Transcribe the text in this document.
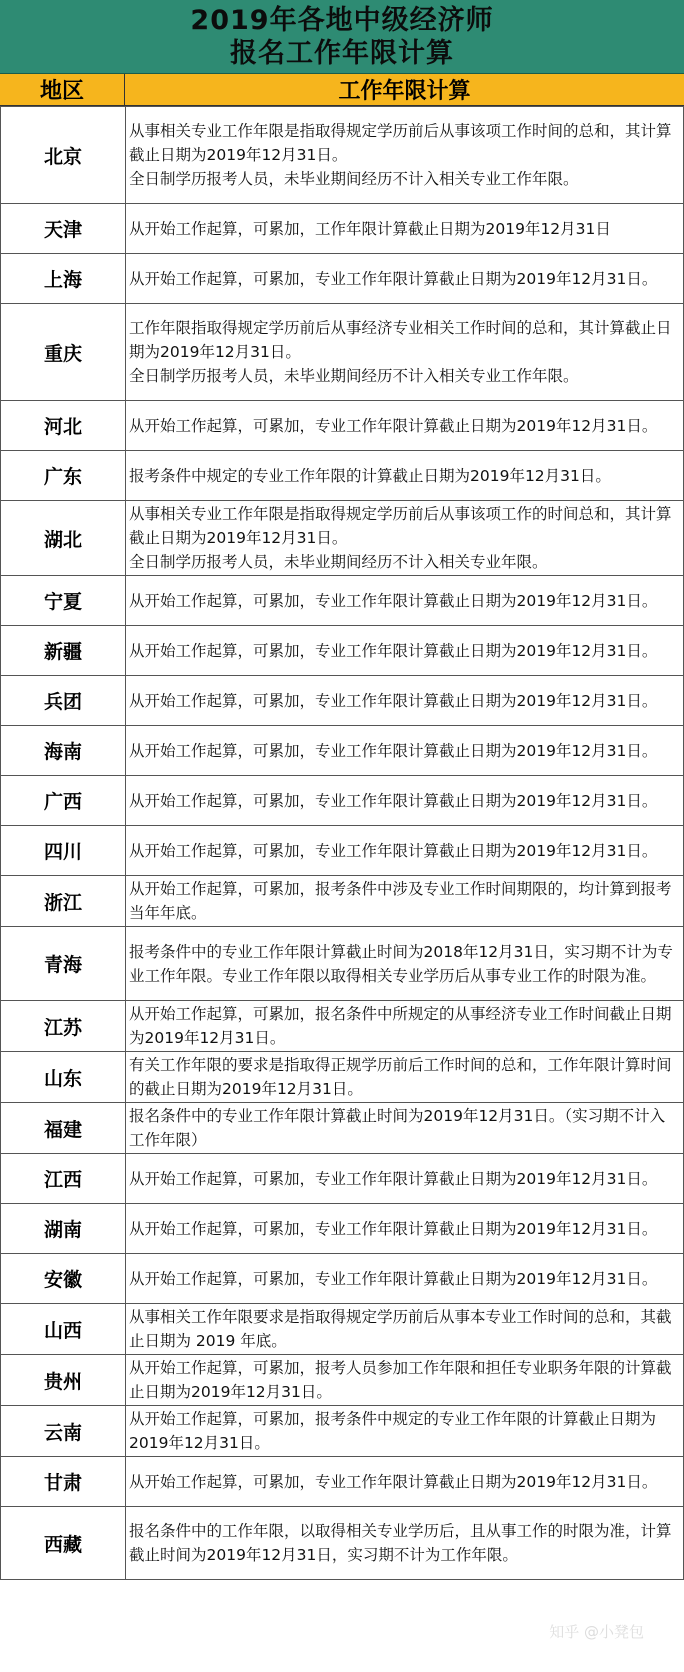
2019年各地中级经济师
报名工作年限计算
地区	工作年限计算
北京	从事相关专业工作年限是指取得规定学历前后从事该项工作时间的总和，其计算截止日期为2019年12月31日。

全日制学历报考人员，未毕业期间经历不计入相关专业工作年限。

天津	从开始工作起算，可累加，工作年限计算截止日期为2019年12月31日

上海	从开始工作起算，可累加，专业工作年限计算截止日期为2019年12月31日。

重庆	工作年限指取得规定学历前后从事经济专业相关工作时间的总和，其计算截止日期为2019年12月31日。

全日制学历报考人员，未毕业期间经历不计入相关专业工作年限。

河北	从开始工作起算，可累加，专业工作年限计算截止日期为2019年12月31日。

广东	报考条件中规定的专业工作年限的计算截止日期为2019年12月31日。

湖北	从事相关专业工作年限是指取得规定学历前后从事该项工作的时间总和，其计算截止日期为2019年12月31日。

全日制学历报考人员，未毕业期间经历不计入相关专业年限。

宁夏	从开始工作起算，可累加，专业工作年限计算截止日期为2019年12月31日。

新疆	从开始工作起算，可累加，专业工作年限计算截止日期为2019年12月31日。

兵团	从开始工作起算，可累加，专业工作年限计算截止日期为2019年12月31日。

海南	从开始工作起算，可累加，专业工作年限计算截止日期为2019年12月31日。

广西	从开始工作起算，可累加，专业工作年限计算截止日期为2019年12月31日。

四川	从开始工作起算，可累加，专业工作年限计算截止日期为2019年12月31日。

浙江	从开始工作起算，可累加，报考条件中涉及专业工作时间期限的，均计算到报考当年年底。

青海	报考条件中的专业工作年限计算截止时间为2018年12月31日，实习期不计为专业工作年限。专业工作年限以取得相关专业学历后从事专业工作的时限为准。

江苏	从开始工作起算，可累加，报名条件中所规定的从事经济专业工作时间截止日期为2019年12月31日。

山东	有关工作年限的要求是指取得正规学历前后工作时间的总和，工作年限计算时间的截止日期为2019年12月31日。

福建	报名条件中的专业工作年限计算截止时间为2019年12月31日。（实习期不计入工作年限）

江西	从开始工作起算，可累加，专业工作年限计算截止日期为2019年12月31日。

湖南	从开始工作起算，可累加，专业工作年限计算截止日期为2019年12月31日。

安徽	从开始工作起算，可累加，专业工作年限计算截止日期为2019年12月31日。

山西	从事相关工作年限要求是指取得规定学历前后从事本专业工作时间的总和，其截止日期为 2019 年底。

贵州	从开始工作起算，可累加，报考人员参加工作年限和担任专业职务年限的计算截止日期为2019年12月31日。

云南	从开始工作起算，可累加，报考条件中规定的专业工作年限的计算截止日期为2019年12月31日。

甘肃	从开始工作起算，可累加，专业工作年限计算截止日期为2019年12月31日。

西藏	报名条件中的工作年限，以取得相关专业学历后，且从事工作的时限为准，计算截止时间为2019年12月31日，实习期不计为工作年限。

知乎 @小凳包
